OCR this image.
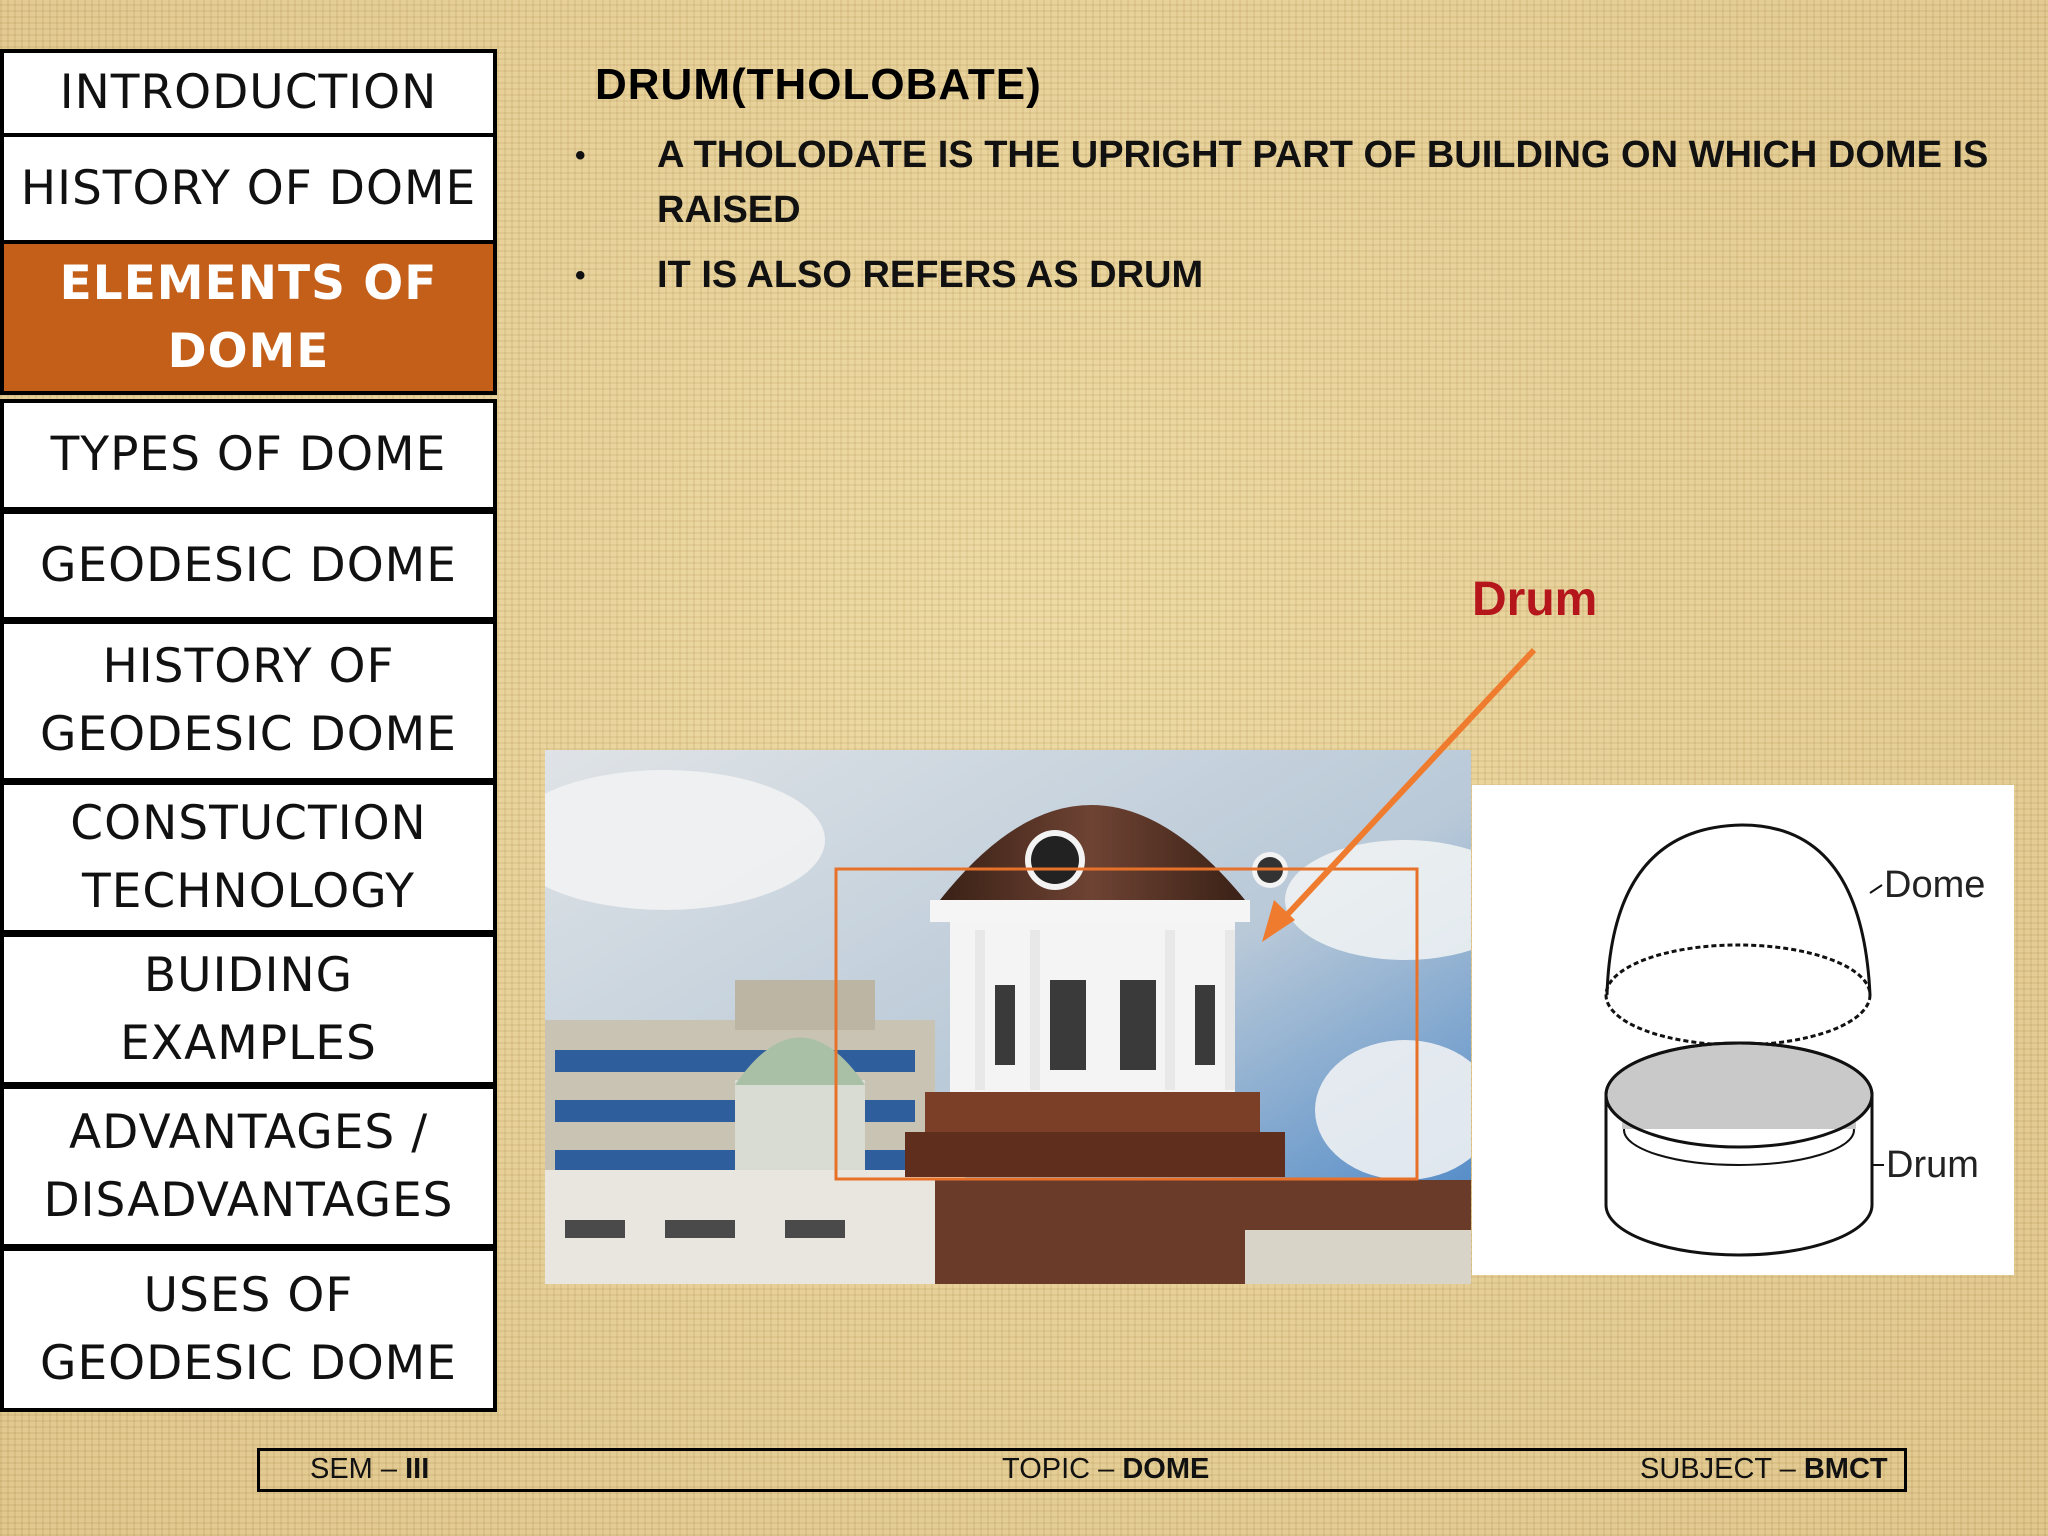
INTRODUCTION
HISTORY OF DOME
ELEMENTS OF DOME
TYPES OF DOME
GEODESIC DOME
HISTORY OF GEODESIC DOME
CONSTUCTION TECHNOLOGY
BUIDING EXAMPLES
ADVANTAGES / DISADVANTAGES
USES OF GEODESIC DOME
DRUM(THOLOBATE)
• A THOLODATE IS THE UPRIGHT PART OF BUILDING ON WHICH DOME IS RAISED
• IT IS ALSO REFERS AS DRUM
Dome
Drum
Drum
SEM – III	TOPIC – DOME	SUBJECT – BMCT
